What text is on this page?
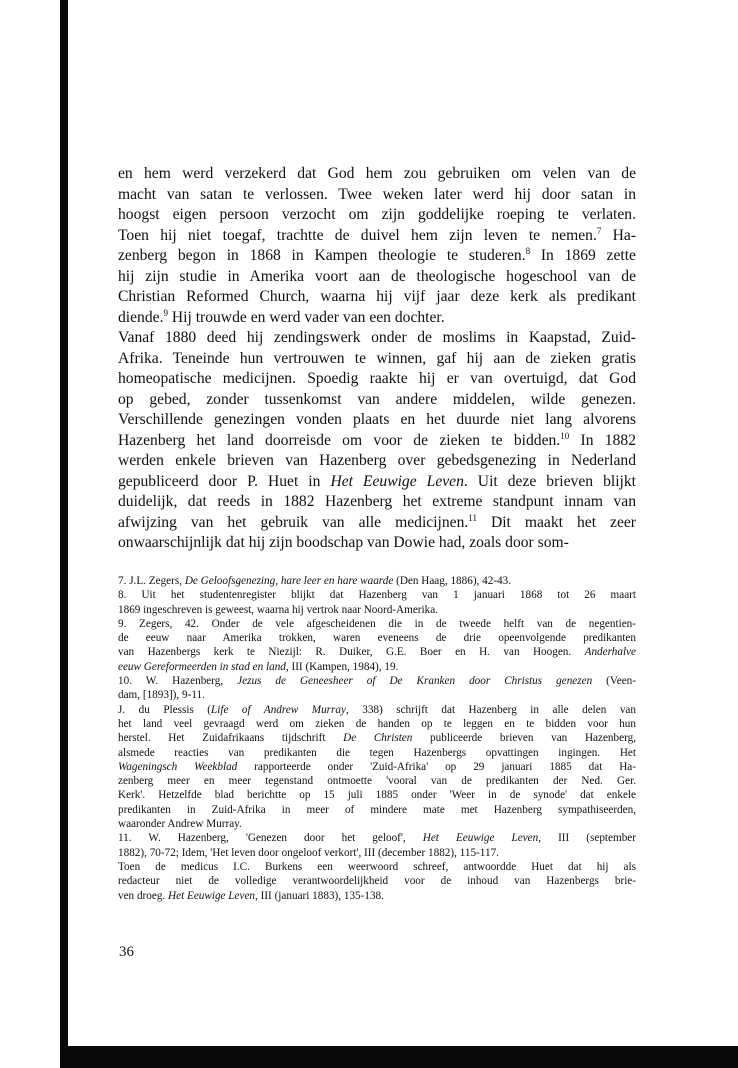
en hem werd verzekerd dat God hem zou gebruiken om velen van de

macht van satan te verlossen. Twee weken later werd hij door satan in

hoogst eigen persoon verzocht om zijn goddelijke roeping te verlaten.

Toen hij niet toegaf, trachtte de duivel hem zijn leven te nemen.$^7$ Ha-

zenberg begon in 1868 in Kampen theologie te studeren.$^8$ In 1869 zette

hij zijn studie in Amerika voort aan de theologische hogeschool van de

Christian Reformed Church, waarna hij vijf jaar deze kerk als predikant

diende.$^9$ Hij trouwde en werd vader van een dochter.

Vanaf 1880 deed hij zendingswerk onder de moslims in Kaapstad, Zuid-

Afrika. Teneinde hun vertrouwen te winnen, gaf hij aan de zieken gratis

homeopatische medicijnen. Spoedig raakte hij er van overtuigd, dat God

op gebed, zonder tussenkomst van andere middelen, wilde genezen.

Verschillende genezingen vonden plaats en het duurde niet lang alvorens

Hazenberg het land doorreisde om voor de zieken te bidden.$^{10}$ In 1882

werden enkele brieven van Hazenberg over gebedsgenezing in Nederland

gepubliceerd door P. Huet in Het Eeuwige Leven. Uit deze brieven blijkt

duidelijk, dat reeds in 1882 Hazenberg het extreme standpunt innam van

afwijzing van het gebruik van alle medicijnen.$^{11}$ Dit maakt het zeer

onwaarschijnlijk dat hij zijn boodschap van Dowie had, zoals door som-

7. J.L. Zegers, De Geloofsgenezing, hare leer en hare waarde (Den Haag, 1886), 42-43.

8. Uit het studentenregister blijkt dat Hazenberg van 1 januari 1868 tot 26 maart

1869 ingeschreven is geweest, waarna hij vertrok naar Noord-Amerika.

9. Zegers, 42. Onder de vele afgescheidenen die in de tweede helft van de negentien-

de eeuw naar Amerika trokken, waren eveneens de drie opeenvolgende predikanten

van Hazenbergs kerk te Niezijl: R. Duiker, G.E. Boer en H. van Hoogen. Anderhalve

eeuw Gereformeerden in stad en land, III (Kampen, 1984), 19.

10. W. Hazenberg, Jezus de Geneesheer of De Kranken door Christus genezen (Veen-

dam, [1893]), 9-11.

J. du Plessis (Life of Andrew Murray, 338) schrijft dat Hazenberg in alle delen van

het land veel gevraagd werd om zieken de handen op te leggen en te bidden voor hun

herstel. Het Zuidafrikaans tijdschrift De Christen publiceerde brieven van Hazenberg,

alsmede reacties van predikanten die tegen Hazenbergs opvattingen ingingen. Het

Wageningsch Weekblad rapporteerde onder 'Zuid-Afrika' op 29 januari 1885 dat Ha-

zenberg meer en meer tegenstand ontmoette 'vooral van de predikanten der Ned. Ger.

Kerk'. Hetzelfde blad berichtte op 15 juli 1885 onder 'Weer in de synode' dat enkele

predikanten in Zuid-Afrika in meer of mindere mate met Hazenberg sympathiseerden,

waaronder Andrew Murray.

11. W. Hazenberg, 'Genezen door het geloof', Het Eeuwige Leven, III (september

1882), 70-72; Idem, 'Het leven door ongeloof verkort', III (december 1882), 115-117.

Toen de medicus I.C. Burkens een weerwoord schreef, antwoordde Huet dat hij als

redacteur niet de volledige verantwoordelijkheid voor de inhoud van Hazenbergs brie-

ven droeg. Het Eeuwige Leven, III (januari 1883), 135-138.

36
